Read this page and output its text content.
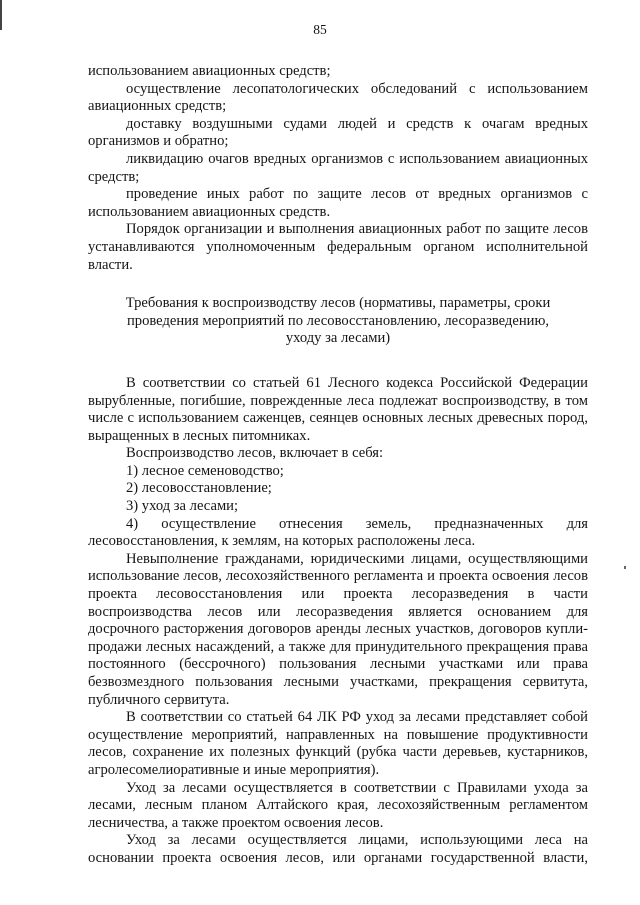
85

использованием авиационных средств;

осуществление лесопатологических обследований с использованием авиационных средств;

доставку воздушными судами людей и средств к очагам вредных организмов и обратно;

ликвидацию очагов вредных организмов с использованием авиационных средств;

проведение иных работ по защите лесов от вредных организмов с использованием авиационных средств.

Порядок организации и выполнения авиационных работ по защите лесов устанавливаются уполномоченным федеральным органом исполнительной власти.

Требования к воспроизводству лесов (нормативы, параметры, сроки проведения мероприятий по лесовосстановлению, лесоразведению, уходу за лесами)

В соответствии со статьей 61 Лесного кодекса Российской Федерации вырубленные, погибшие, поврежденные леса подлежат воспроизводству, в том числе с использованием саженцев, сеянцев основных лесных древесных пород, выращенных в лесных питомниках.

Воспроизводство лесов, включает в себя:

1) лесное семеноводство;

2) лесовосстановление;

3) уход за лесами;

4) осуществление отнесения земель, предназначенных для лесовосстановления, к землям, на которых расположены леса.

Невыполнение гражданами, юридическими лицами, осуществляющими использование лесов, лесохозяйственного регламента и проекта освоения лесов проекта лесовосстановления или проекта лесоразведения в части воспроизводства лесов или лесоразведения является основанием для досрочного расторжения договоров аренды лесных участков, договоров купли-продажи лесных насаждений, а также для принудительного прекращения права постоянного (бессрочного) пользования лесными участками или права безвозмездного пользования лесными участками, прекращения сервитута, публичного сервитута.

В соответствии со статьей 64 ЛК РФ уход за лесами представляет собой осуществление мероприятий, направленных на повышение продуктивности лесов, сохранение их полезных функций (рубка части деревьев, кустарников, агролесомелиоративные и иные мероприятия).

Уход за лесами осуществляется в соответствии с Правилами ухода за лесами, лесным планом Алтайского края, лесохозяйственным регламентом лесничества, а также проектом освоения лесов.

Уход за лесами осуществляется лицами, использующими леса на основании проекта освоения лесов, или органами государственной власти,
